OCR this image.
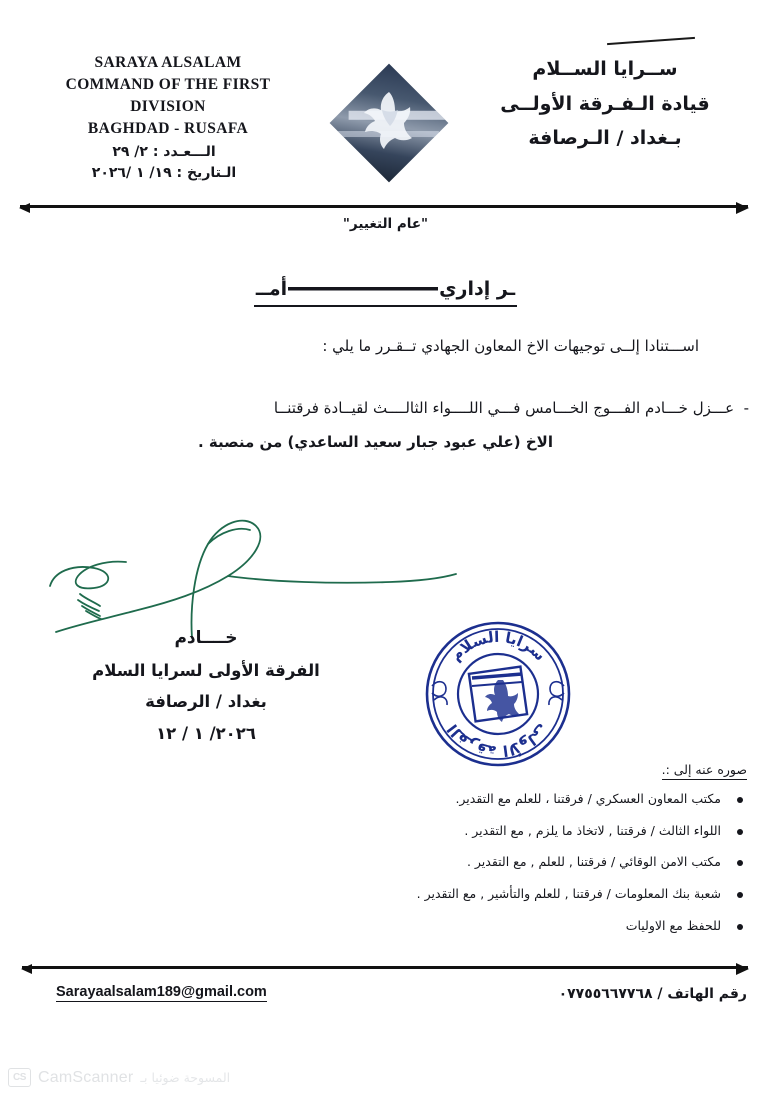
SARAYA ALSALAM
COMMAND OF THE FIRST
DIVISION
BAGHDAD - RUSAFA
الـــعـدد : ٢/ ٢٩
الـتاريخ : ١٩/ ١ /٢٠٢٦
ســرايا الســلام
قيادة الـفـرقة الأولــى
بـغداد / الـرصافة
"عام التغيير"
ـر إداريأمــ
اســـتنادا إلــى توجيهات الاخ المعاون الجهادي تــقـرر ما يلي :
-  عـــزل خـــادم الفـــوج الخـــامس فـــي اللــــواء الثالــــث لقيــادة فرقتنــا
الاخ (علي عبود جبار سعيد الساعدي) من منصبة .
خــــادم
الفرقة الأولى لسرايا السلام
بغداد / الرصافة
٢٠٢٦/ ١ / ١٢
سرايا السلام
الفرقة الأولى
صوره عنه إلى :.
مكتب المعاون العسكري / فرقتنا ، للعلم مع التقدير.
اللواء الثالث / فرقتنا , لاتخاذ ما يلزم , مع التقدير .
مكتب الامن الوقائي / فرقتنا , للعلم , مع التقدير .
شعبة بنك المعلومات / فرقتنا , للعلم والتأشير , مع التقدير .
للحفظ مع الاوليات
Sarayaalsalam189@gmail.com	رقم الهاتف / ٠٧٧٥٥٦٦٧٧٦٨
CS CamScanner المسوحة ضوئيا بـ
